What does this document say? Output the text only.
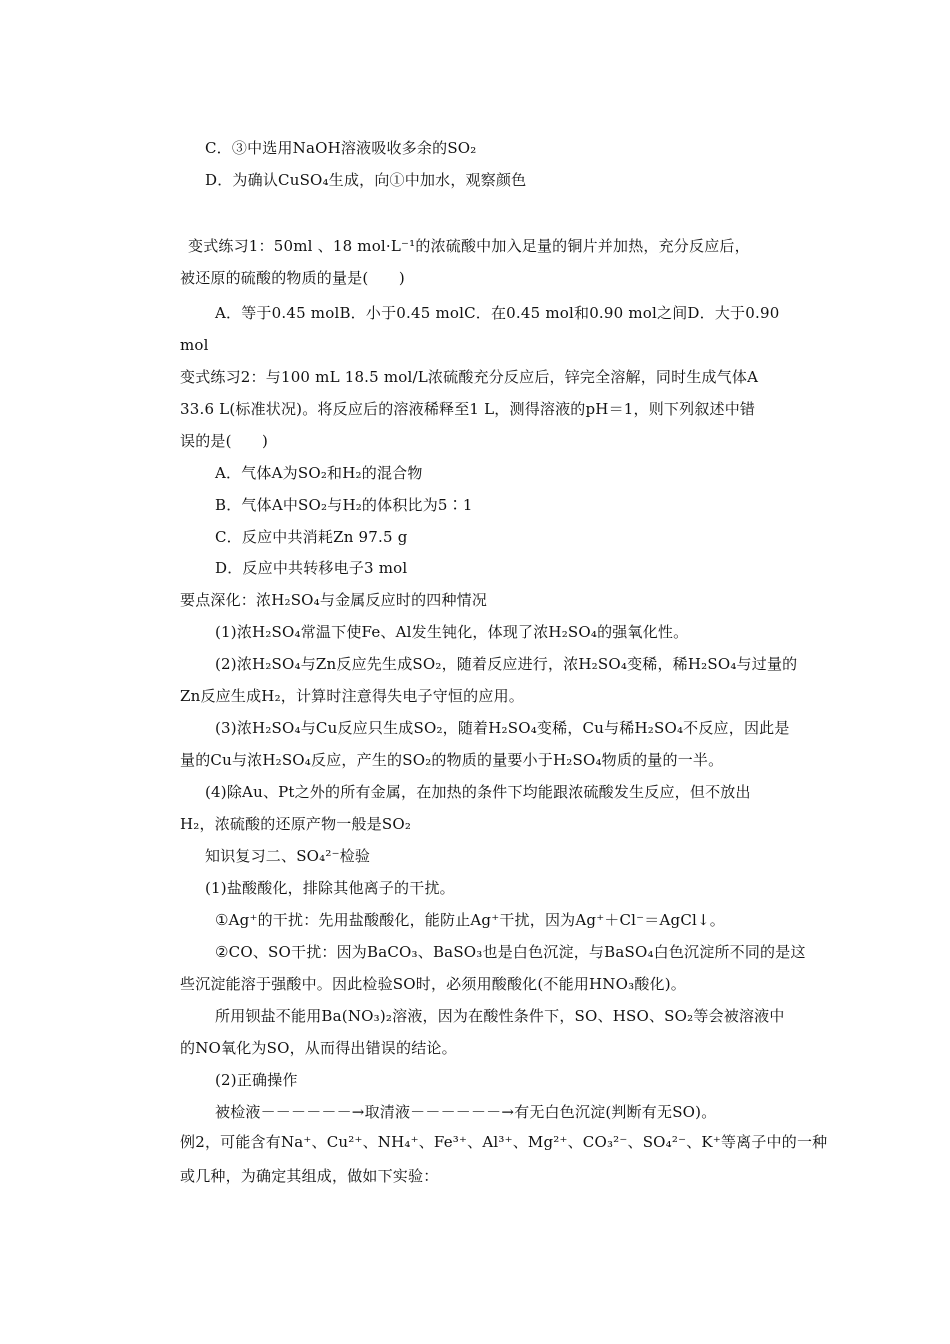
C．③中选用NaOH溶液吸收多余的SO₂
D．为确认CuSO₄生成，向①中加水，观察颜色
变式练习1：50ml 、18 mol·L⁻¹的浓硫酸中加入足量的铜片并加热，充分反应后，
被还原的硫酸的物质的量是(　　)
A．等于0.45 molB．小于0.45 molC．在0.45 mol和0.90 mol之间D．大于0.90
mol
变式练习2：与100 mL 18.5 mol/L浓硫酸充分反应后，锌完全溶解，同时生成气体A
33.6 L(标准状况)。将反应后的溶液稀释至1 L，测得溶液的pH＝1，则下列叙述中错
误的是(　　)
A．气体A为SO₂和H₂的混合物
B．气体A中SO₂与H₂的体积比为5∶1
C．反应中共消耗Zn 97.5 g
D．反应中共转移电子3 mol
要点深化：浓H₂SO₄与金属反应时的四种情况
(1)浓H₂SO₄常温下使Fe、Al发生钝化，体现了浓H₂SO₄的强氧化性。
(2)浓H₂SO₄与Zn反应先生成SO₂，随着反应进行，浓H₂SO₄变稀，稀H₂SO₄与过量的
Zn反应生成H₂，计算时注意得失电子守恒的应用。
(3)浓H₂SO₄与Cu反应只生成SO₂，随着H₂SO₄变稀，Cu与稀H₂SO₄不反应，因此是
量的Cu与浓H₂SO₄反应，产生的SO₂的物质的量要小于H₂SO₄物质的量的一半。
(4)除Au、Pt之外的所有金属，在加热的条件下均能跟浓硫酸发生反应，但不放出
H₂，浓硫酸的还原产物一般是SO₂
知识复习二、SO₄²⁻检验
(1)盐酸酸化，排除其他离子的干扰。
①Ag⁺的干扰：先用盐酸酸化，能防止Ag⁺干扰，因为Ag⁺＋Cl⁻＝AgCl↓。
②CO、SO干扰：因为BaCO₃、BaSO₃也是白色沉淀，与BaSO₄白色沉淀所不同的是这
些沉淀能溶于强酸中。因此检验SO时，必须用酸酸化(不能用HNO₃酸化)。
所用钡盐不能用Ba(NO₃)₂溶液，因为在酸性条件下，SO、HSO、SO₂等会被溶液中
的NO氧化为SO，从而得出错误的结论。
(2)正确操作
被检液－－－－－－→取清液－－－－－－→有无白色沉淀(判断有无SO)。
例2，可能含有Na⁺、Cu²⁺、NH₄⁺、Fe³⁺、Al³⁺、Mg²⁺、CO₃²⁻、SO₄²⁻、K⁺等离子中的一种
或几种，为确定其组成，做如下实验：
